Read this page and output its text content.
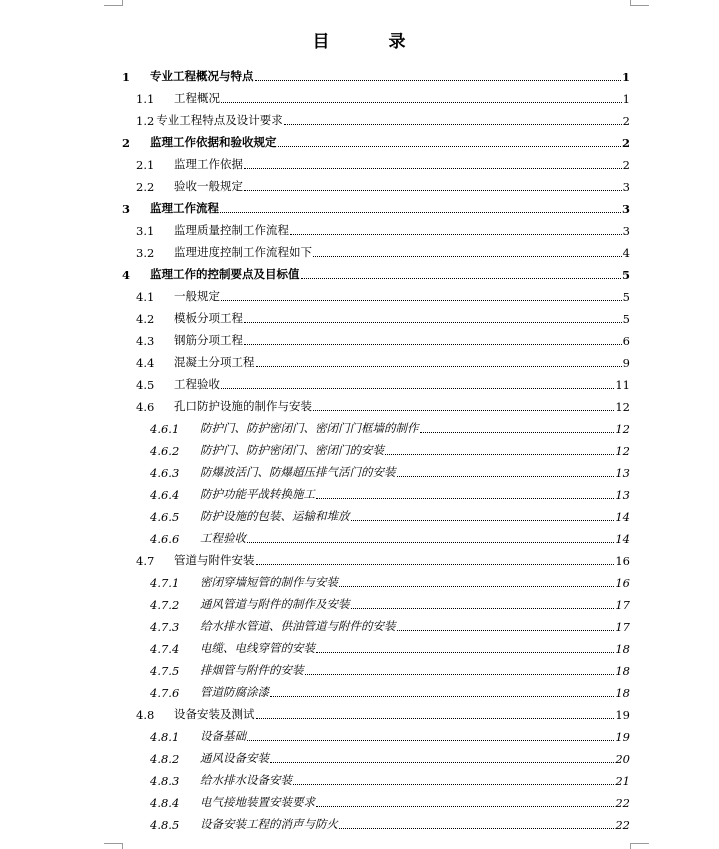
目	录
1	专业工程概况与特点	1
1.1	工程概况	1
1.2 专业工程特点及设计要求	2
2	监理工作依据和验收规定	2
2.1	监理工作依据	2
2.2	验收一般规定	3
3	监理工作流程	3
3.1	监理质量控制工作流程	3
3.2	监理进度控制工作流程如下	4
4	监理工作的控制要点及目标值	5
4.1	一般规定	5
4.2	模板分项工程	5
4.3	钢筋分项工程	6
4.4	混凝土分项工程	9
4.5	工程验收	11
4.6	孔口防护设施的制作与安装	12
4.6.1	防护门、防护密闭门、密闭门门框墙的制作	12
4.6.2	防护门、防护密闭门、密闭门的安装	12
4.6.3	防爆波活门、防爆超压排气活门的安装	13
4.6.4	防护功能平战转换施工	13
4.6.5	防护设施的包装、运输和堆放	14
4.6.6	工程验收	14
4.7	管道与附件安装	16
4.7.1	密闭穿墙短管的制作与安装	16
4.7.2	通风管道与附件的制作及安装	17
4.7.3	给水排水管道、供油管道与附件的安装	17
4.7.4	电缆、电线穿管的安装	18
4.7.5	排烟管与附件的安装	18
4.7.6	管道防腐涂漆	18
4.8	设备安装及测试	19
4.8.1	设备基础	19
4.8.2	通风设备安装	20
4.8.3	给水排水设备安装	21
4.8.4	电气接地装置安装要求	22
4.8.5	设备安装工程的消声与防火	22
